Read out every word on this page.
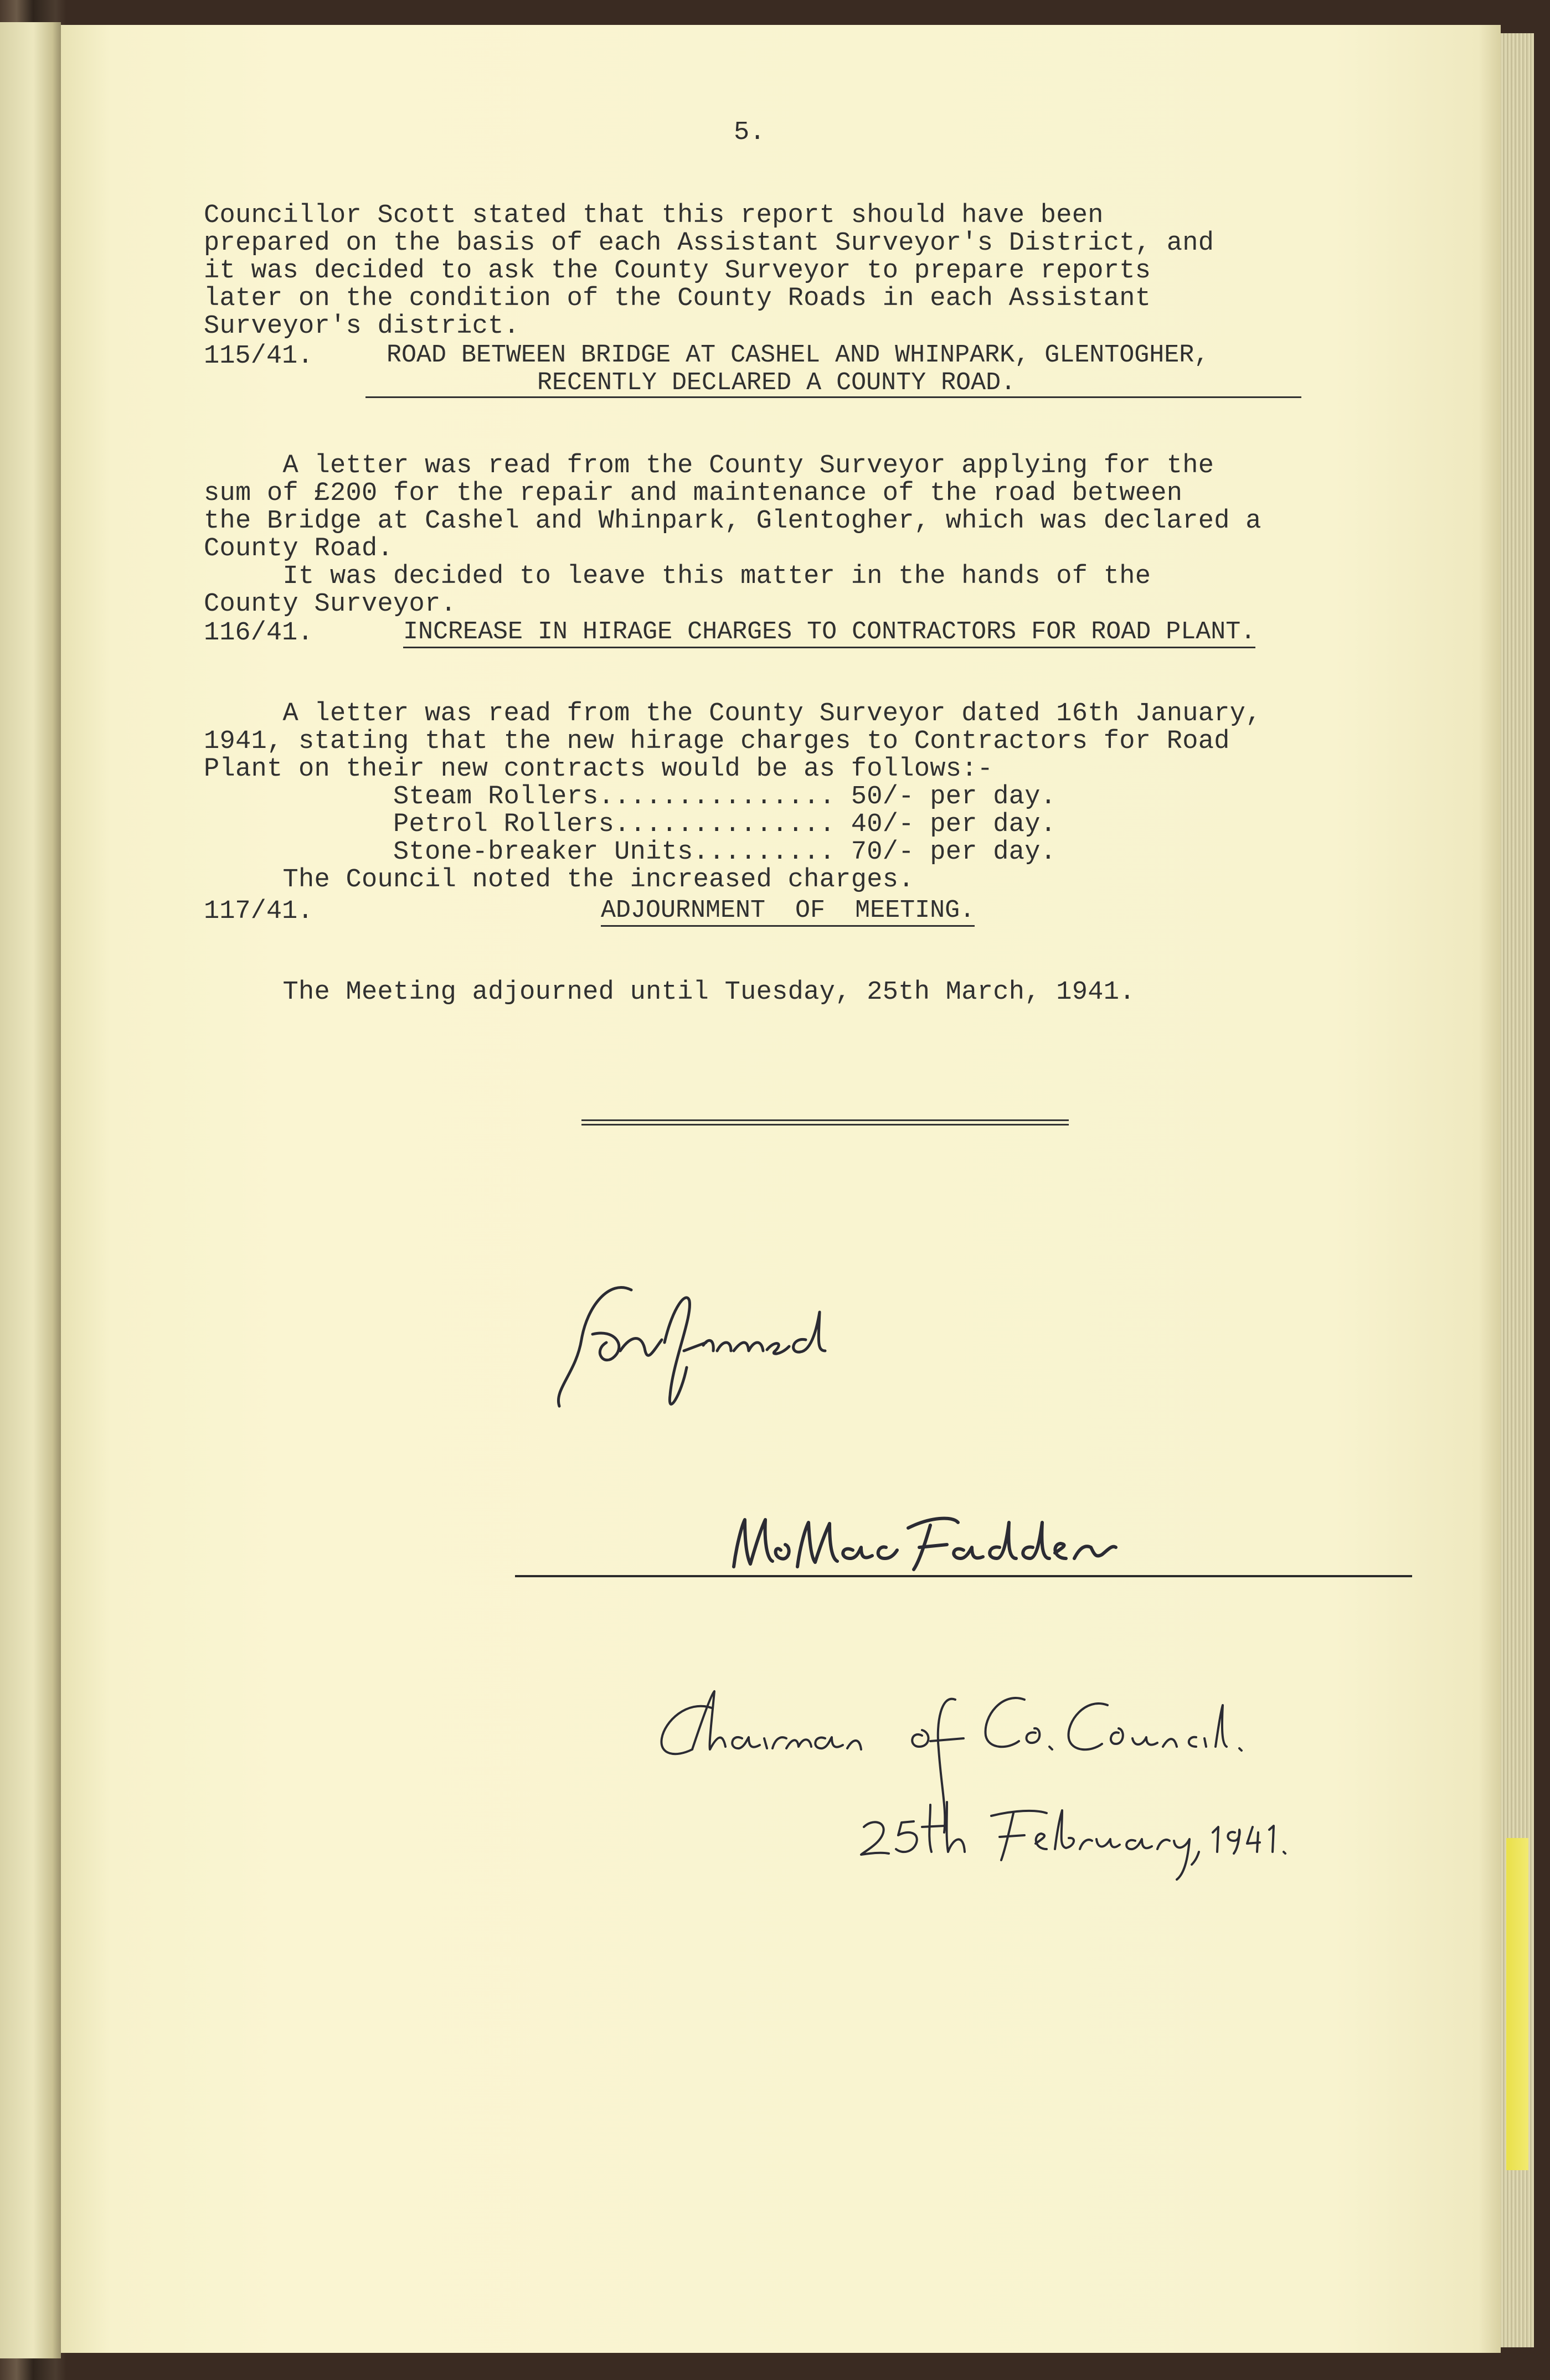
5.

Councillor Scott stated that this report should have been
prepared on the basis of each Assistant Surveyor's District, and
it was decided to ask the County Surveyor to prepare reports
later on the condition of the County Roads in each Assistant
Surveyor's district.

115/41.	ROAD BETWEEN BRIDGE AT CASHEL AND WHINPARK, GLENTOGHER,
RECENTLY DECLARED A COUNTY ROAD.

A letter was read from the County Surveyor applying for the
sum of £200 for the repair and maintenance of the road between
the Bridge at Cashel and Whinpark, Glentogher, which was declared a
County Road.
It was decided to leave this matter in the hands of the
County Surveyor.

116/41.	INCREASE IN HIRAGE CHARGES TO CONTRACTORS FOR ROAD PLANT.

A letter was read from the County Surveyor dated 16th January,
1941, stating that the new hirage charges to Contractors for Road
Plant on their new contracts would be as follows:-
Steam Rollers............... 50/- per day.
Petrol Rollers.............. 40/- per day.
Stone-breaker Units......... 70/- per day.
The Council noted the increased charges.

117/41.	ADJOURNMENT  OF  MEETING.

The Meeting adjourned until Tuesday, 25th March, 1941.
